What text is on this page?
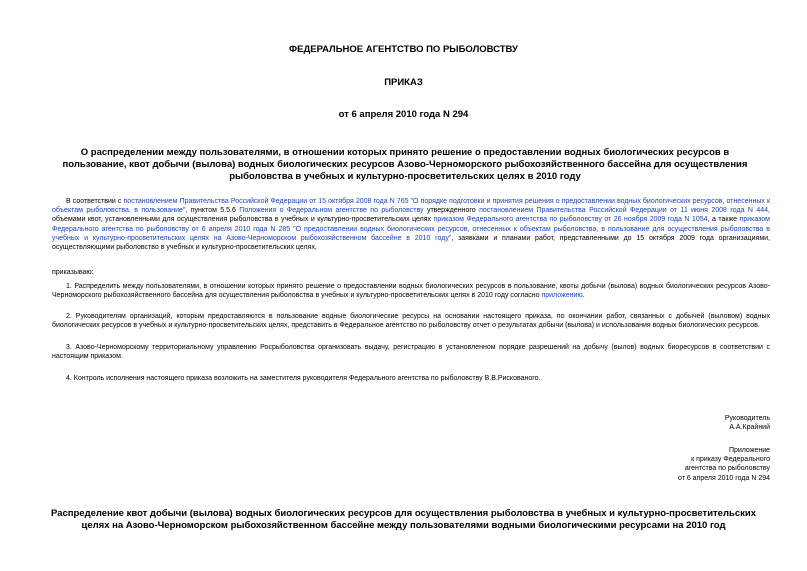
ФЕДЕРАЛЬНОЕ АГЕНТСТВО ПО РЫБОЛОВСТВУ
ПРИКАЗ
от 6 апреля 2010 года N 294
О распределении между пользователями, в отношении которых принято решение о предоставлении водных биологических ресурсов в пользование, квот добычи (вылова) водных биологических ресурсов Азово-Черноморского рыбохозяйственного бассейна для осуществления рыболовства в учебных и культурно-просветительских целях в 2010 году
В соответствии с постановлением Правительства Российской Федерации от 15 октября 2008 года N 765 "О порядке подготовки и принятия решения о предоставлении водных биологических ресурсов, отнесенных к объектам рыболовства, в пользование", пунктом 5.5.6 Положения о Федеральном агентстве по рыболовству утвержденного постановлением Правительства Российской Федерации от 11 июня 2008 года N 444, объемами квот, установленными для осуществления рыболовства в учебных и культурно-просветительских целях приказом Федерального агентства по рыболовству от 26 ноября 2009 года N 1054, а также приказом Федерального агентства по рыболовству от 6 апреля 2010 года N 285 "О предоставлении водных биологических ресурсов, отнесенных к объектам рыболовства, в пользование для осуществления рыболовства в учебных и культурно-просветительских целях на Азово-Черноморском рыбохозяйственном бассейне в 2010 году", заявками и планами работ, представленными до 15 октября 2009 года организациями, осуществляющими рыболовство в учебных и культурно-просветительских целях,
приказываю:
1. Распределить между пользователями, в отношении которых принято решение о предоставлении водных биологических ресурсов в пользование, квоты добычи (вылова) водных биологических ресурсов Азово-Черноморского рыбохозяйственного бассейна для осуществления рыболовства в учебных и культурно-просветительских целях в 2010 году согласно приложению.
2. Руководителям организаций, которым предоставляются в пользование водные биологические ресурсы на основании настоящего приказа, по окончании работ, связанных с добычей (выловом) водных биологических ресурсов в учебных и культурно-просветительских целях, представить в Федеральное агентство по рыболовству отчет о результатах добычи (вылова) и использования водных биологических ресурсов.
3. Азово-Черноморскому территориальному управлению Росрыболовства организовать выдачу, регистрацию в установленном порядке разрешений на добычу (вылов) водных биоресурсов в соответствии с настоящим приказом.
4. Контроль исполнения настоящего приказа возложить на заместителя руководителя Федерального агентства по рыболовству В.В.Рискованого.
Руководитель
А.А.Крайний
Приложение
к приказу Федерального
агентства по рыболовству
от 6 апреля 2010 года N 294
Распределение квот добычи (вылова) водных биологических ресурсов для осуществления рыболовства в учебных и культурно-просветительских целях на Азово-Черноморском рыбохозяйственном бассейне между пользователями водными биологическими ресурсами на 2010 год
